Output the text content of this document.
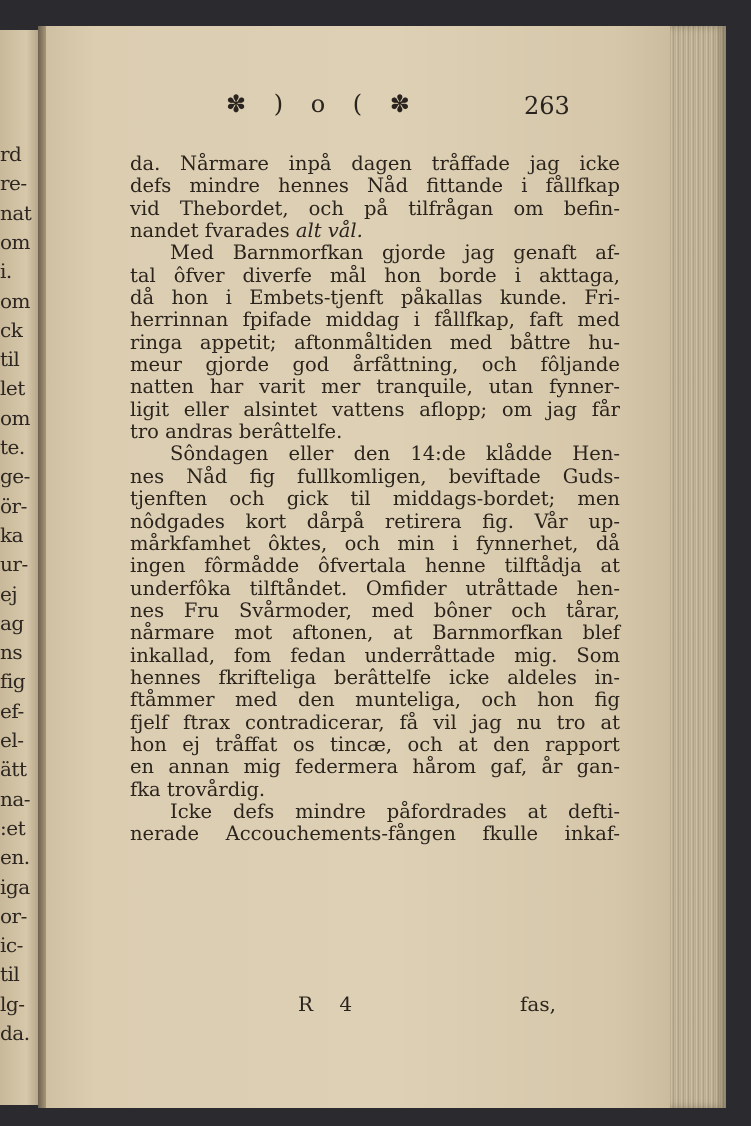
rd
re-
nat
om
i.
om
ck
til
let
om
te.
ge-
ör-
ka
ur-
ej
ag
ns
fig
ef-
el-
ätt
na-
:et
en.
iga
or-
ic-
til
lg-
da.
✽ ) o ( ✽	263
da. Nårmare inpå dagen tråffade jag icke
defs mindre hennes Nåd fittande i fållfkap
vid Thebordet, och på tilfrågan om befin-
nandet fvarades alt vål.
Med Barnmorfkan gjorde jag genaft af-
tal ôfver diverfe mål hon borde i akttaga,
då hon i Embets-tjenft påkallas kunde. Fri-
herrinnan fpifade middag i fållfkap, faft med
ringa appetit; aftonmåltiden med båttre hu-
meur gjorde god årfåttning, och fôljande
natten har varit mer tranquile, utan fynner-
ligit eller alsintet vattens aflopp; om jag får
tro andras berâttelfe.
Sôndagen eller den 14:de klådde Hen-
nes Nåd fig fullkomligen, beviftade Guds-
tjenften och gick til middags-bordet; men
nôdgades kort dårpå retirera fig. Vår up-
mårkfamhet ôktes, och min i fynnerhet, då
ingen fôrmådde ôfvertala henne tilftådja at
underfôka tilftåndet. Omfider utråttade hen-
nes Fru Svårmoder, med bôner och tårar,
nårmare mot aftonen, at Barnmorfkan blef
inkallad, fom fedan underråttade mig. Som
hennes fkrifteliga berâttelfe icke aldeles in-
ftåmmer med den munteliga, och hon fig
fjelf ftrax contradicerar, få vil jag nu tro at
hon ej tråffat os tincæ, och at den rapport
en annan mig federmera hårom gaf, år gan-
fka trovårdig.
Icke defs mindre påfordrades at defti-
nerade Accouchements-fången fkulle inkaf-
R 4	fas,
